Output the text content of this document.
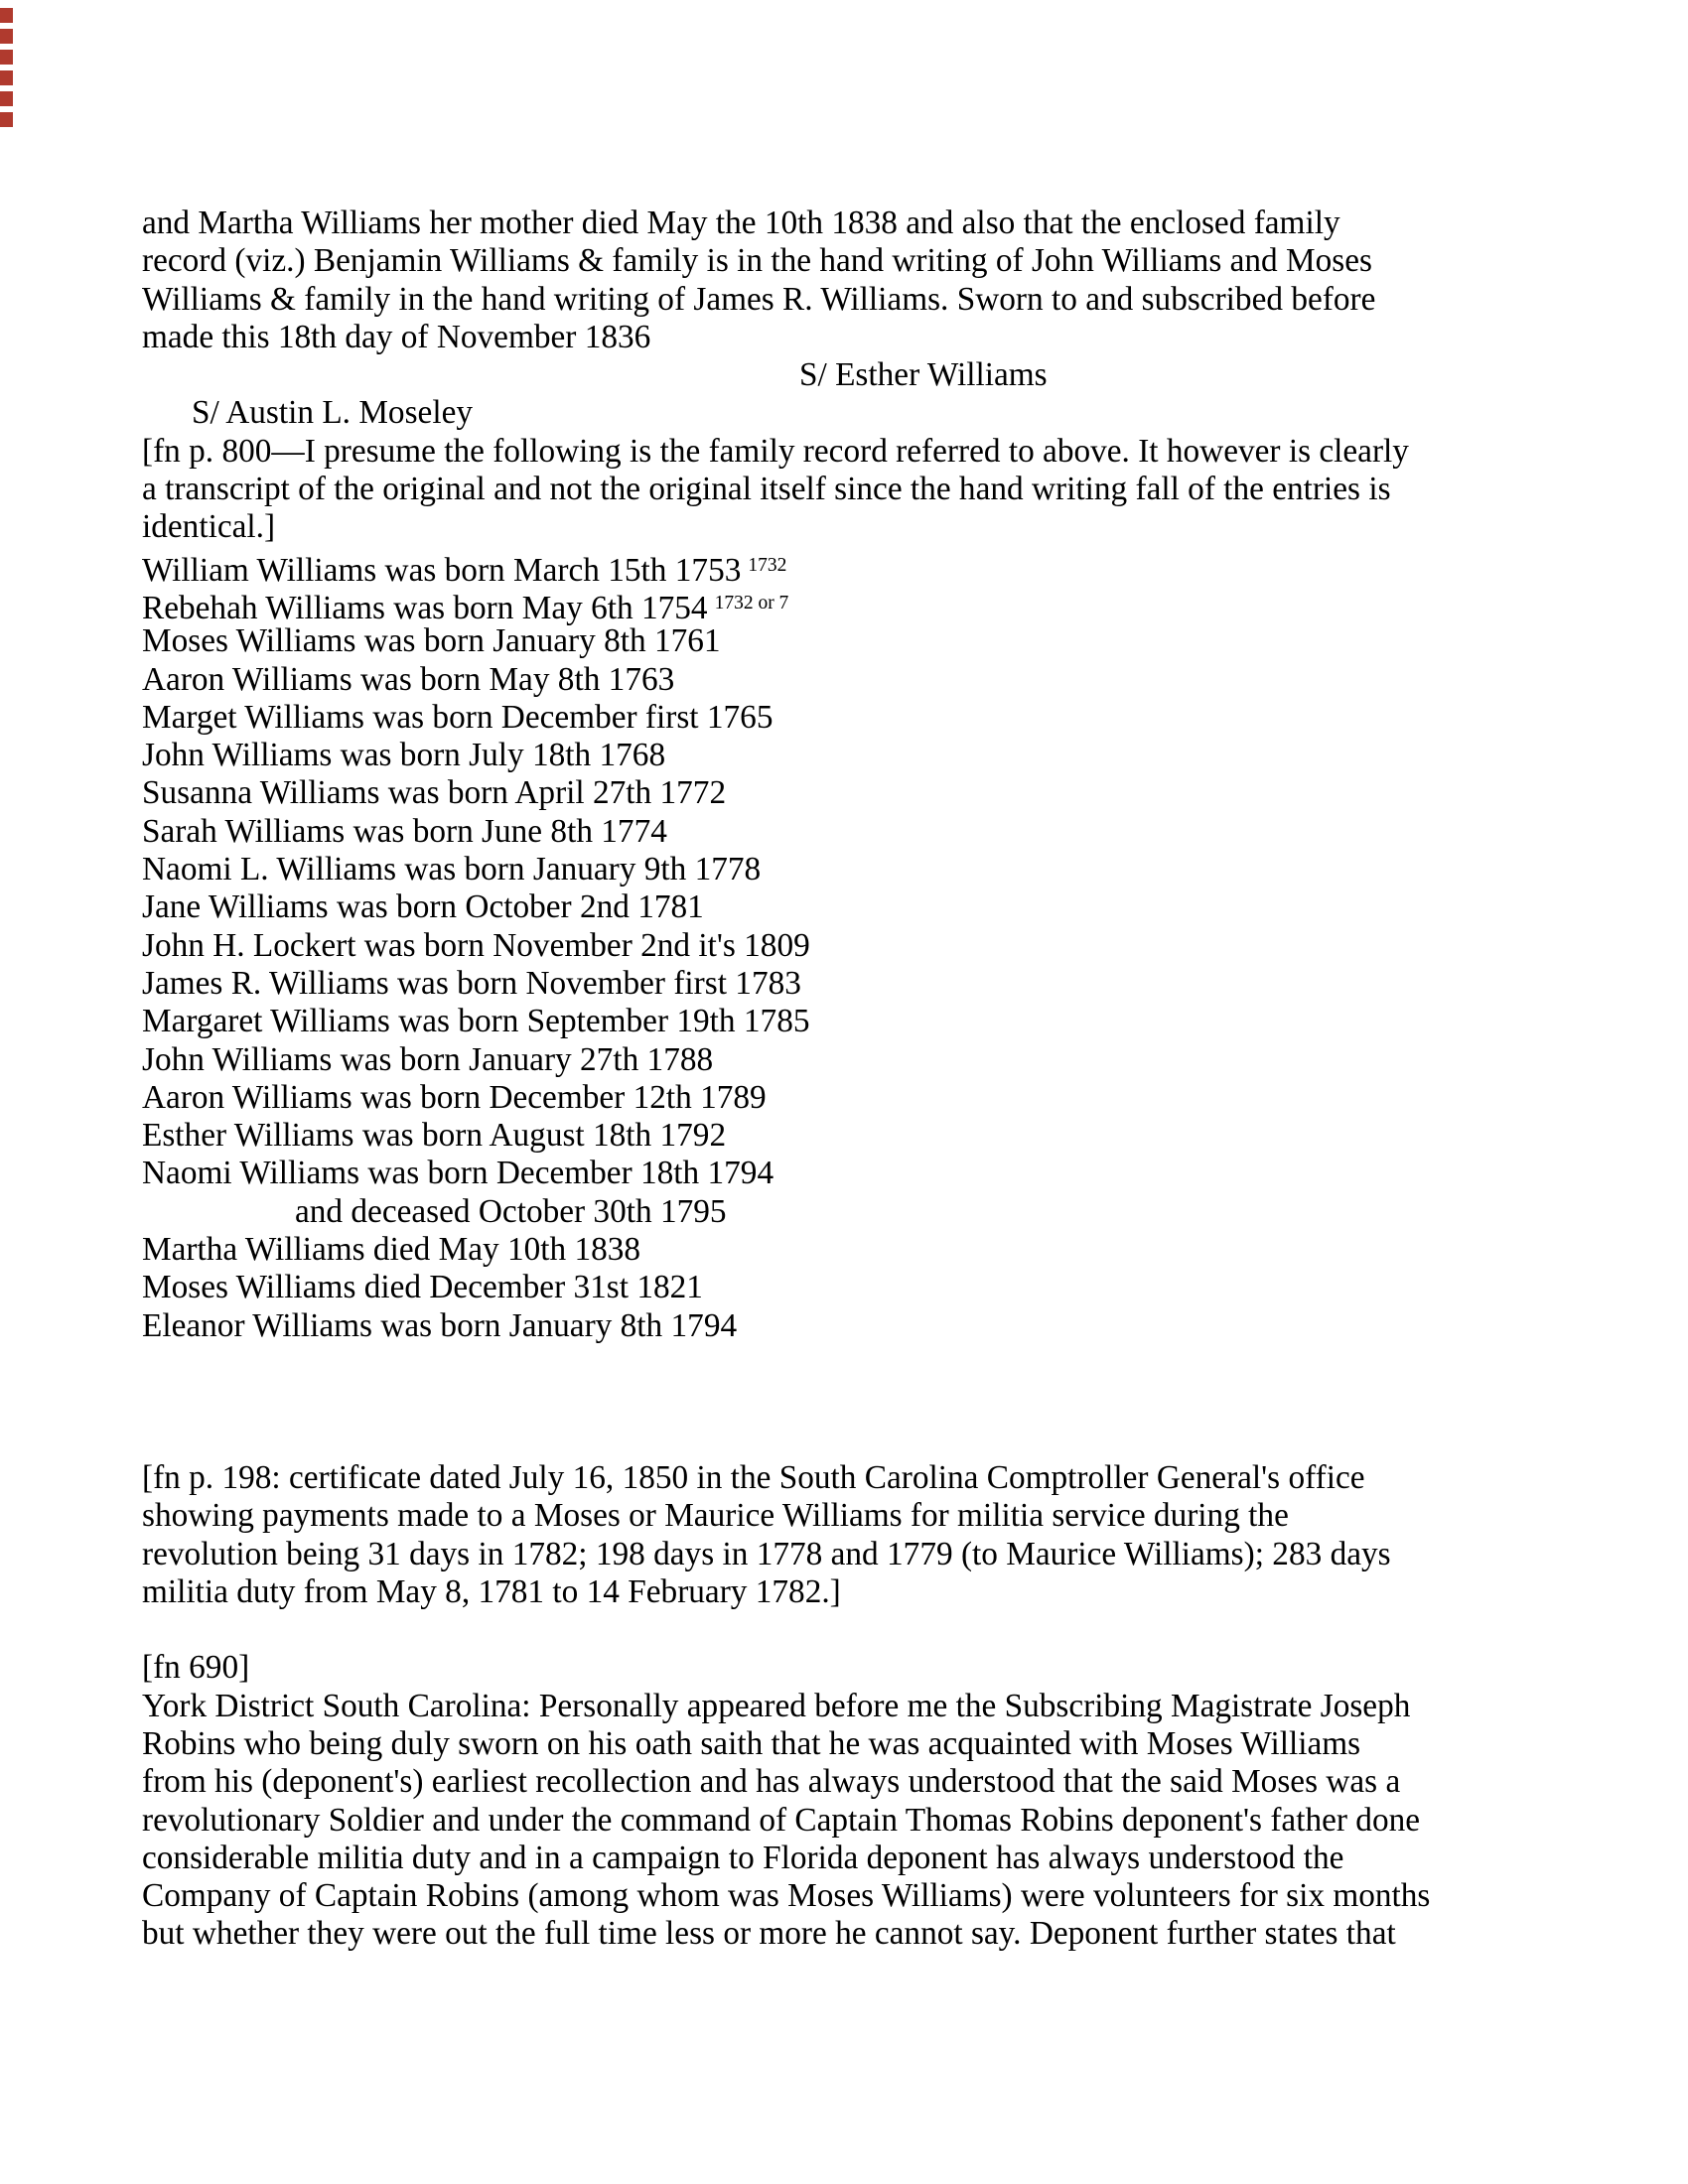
and Martha Williams her mother died May the 10th 1838 and also that the enclosed family
record (viz.) Benjamin Williams & family is in the hand writing of John Williams and Moses
Williams & family in the hand writing of James R. Williams. Sworn to and subscribed before
made this 18th day of November 1836

S/ Austin L. Moseley

S/ Esther Williams

[fn p. 800—I presume the following is the family record referred to above. It however is clearly
a transcript of the original and not the original itself since the hand writing fall of the entries is
identical.]
William Williams was born March 15th 1753 $^{1732}$
Rebehah Williams was born May 6th 1754 $^{1732 or 7}$
Moses Williams was born January 8th 1761
Aaron Williams was born May 8th 1763
Marget Williams was born December first 1765
John Williams was born July 18th 1768
Susanna Williams was born April 27th 1772
Sarah Williams was born June 8th 1774
Naomi L. Williams was born January 9th 1778
Jane Williams was born October 2nd 1781
John H. Lockert was born November 2nd it's 1809
James R. Williams was born November first 1783
Margaret Williams was born September 19th 1785
John Williams was born January 27th 1788
Aaron Williams was born December 12th 1789
Esther Williams was born August 18th 1792
Naomi Williams was born December 18th 1794
and deceased October 30th 1795
Martha Williams died May 10th 1838
Moses Williams died December 31st 1821
Eleanor Williams was born January 8th 1794
[fn p. 198: certificate dated July 16, 1850 in the South Carolina Comptroller General's office
showing payments made to a Moses or Maurice Williams for militia service during the
revolution being 31 days in 1782; 198 days in 1778 and 1779 (to Maurice Williams); 283 days
militia duty from May 8, 1781 to 14 February 1782.]
[fn 690]
York District South Carolina: Personally appeared before me the Subscribing Magistrate Joseph
Robins who being duly sworn on his oath saith that he was acquainted with Moses Williams
from his (deponent's) earliest recollection and has always understood that the said Moses was a
revolutionary Soldier and under the command of Captain Thomas Robins deponent's father done
considerable militia duty and in a campaign to Florida deponent has always understood the
Company of Captain Robins (among whom was Moses Williams) were volunteers for six months
but whether they were out the full time less or more he cannot say. Deponent further states that
